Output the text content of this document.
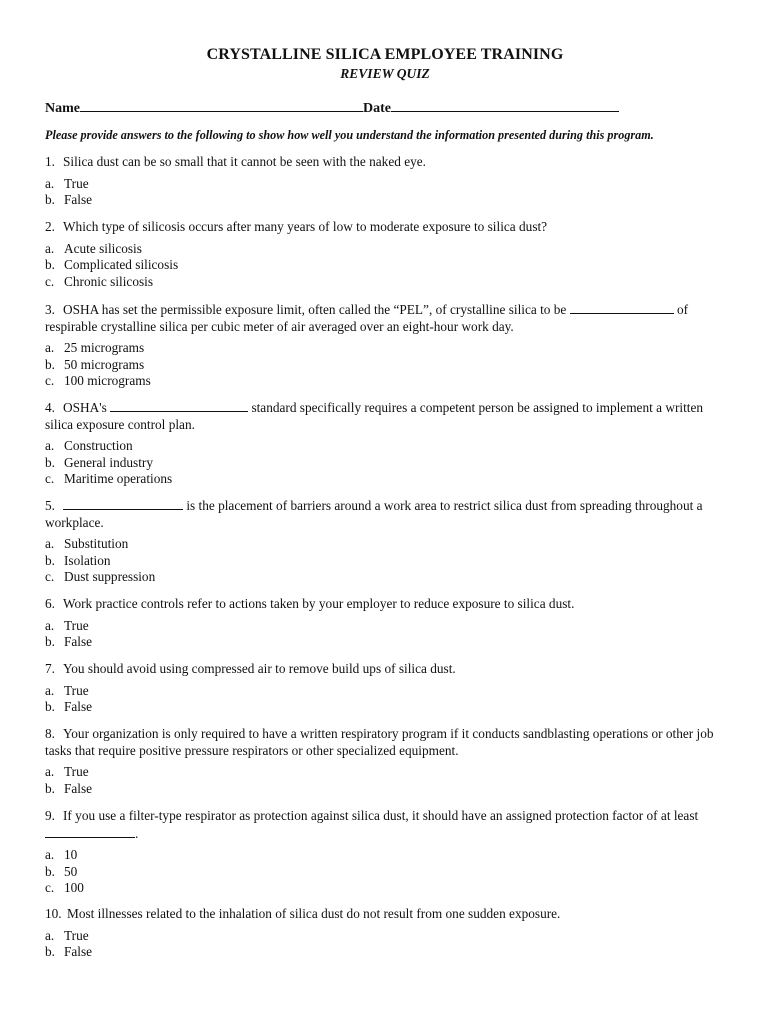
CRYSTALLINE SILICA EMPLOYEE TRAINING
REVIEW QUIZ
Name	Date
Please provide answers to the following to show how well you understand the information presented during this program.

1. Silica dust can be so small that it cannot be seen with the naked eye.

a. True

b. False

2. Which type of silicosis occurs after many years of low to moderate exposure to silica dust?

a. Acute silicosis

b. Complicated silicosis

c. Chronic silicosis

3. OSHA has set the permissible exposure limit, often called the “PEL”, of crystalline silica to be	of respirable crystalline silica per cubic meter of air averaged over an eight-hour work day.

a. 25 micrograms

b. 50 micrograms

c. 100 micrograms

4. OSHA's	standard specifically requires a competent person be assigned to implement a written silica exposure control plan.

a. Construction

b. General industry

c. Maritime operations

5.	is the placement of barriers around a work area to restrict silica dust from spreading throughout a workplace.

a. Substitution

b. Isolation

c. Dust suppression

6. Work practice controls refer to actions taken by your employer to reduce exposure to silica dust.

a. True

b. False

7. You should avoid using compressed air to remove build ups of silica dust.

a. True

b. False

8. Your organization is only required to have a written respiratory program if it conducts sandblasting operations or other job tasks that require positive pressure respirators or other specialized equipment.

a. True

b. False

9. If you use a filter-type respirator as protection against silica dust, it should have an assigned protection factor of at least .

a. 10

b. 50

c. 100

10. Most illnesses related to the inhalation of silica dust do not result from one sudden exposure.

a. True

b. False
